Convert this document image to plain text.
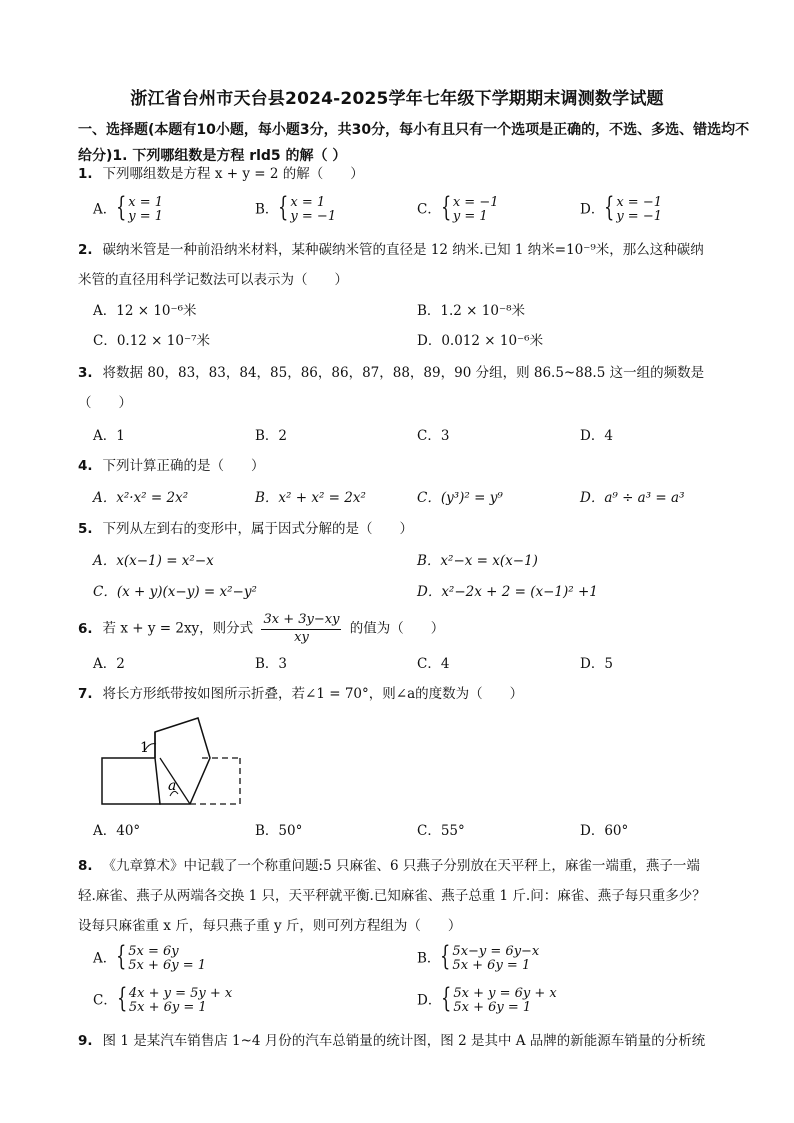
浙江省台州市天台县2024-2025学年七年级下学期期末调测数学试题
一、选择题(本题有10小题，每小题3分，共30分，每小有且只有一个选项是正确的，不选、多选、错选均不给分)1. 下列哪组数是方程 rld5 的解（ ）
1. 下列哪组数是方程 x + y = 2 的解（　　）
A． { x = 1
y = 1	B． { x = 1
y = −1	C． { x = −1
y = 1	D． { x = −1
y = −1
2. 碳纳米管是一种前沿纳米材料，某种碳纳米管的直径是 12 纳米.已知 1 纳米=10⁻⁹米，那么这种碳纳
米管的直径用科学记数法可以表示为（　　）
A．12 × 10⁻⁶米	B．1.2 × 10⁻⁸米
C．0.12 × 10⁻⁷米	D．0.012 × 10⁻⁶米
3. 将数据 80，83，83，84，85，86，86，87，88，89，90 分组，则 86.5~88.5 这一组的频数是
（　　）
A．1	B．2	C．3	D．4
4. 下列计算正确的是（　　）
A．x²·x² = 2x²	B．x² + x² = 2x²	C．(y³)² = y⁹	D．a⁹ ÷ a³ = a³
5. 下列从左到右的变形中，属于因式分解的是（　　）
A．x(x−1) = x²−x	B．x²−x = x(x−1)
C．(x + y)(x−y) = x²−y²	D．x²−2x + 2 = (x−1)² +1
6. 若 x + y = 2xy，则分式 $\frac{3x + 3y-xy}{xy}$ 的值为（　　）
A．2	B．3	C．4	D．5
7. 将长方形纸带按如图所示折叠，若∠1 = 70°，则∠a的度数为（　　）
1
a
A．40°	B．50°	C．55°	D．60°
8. 《九章算术》中记载了一个称重问题:5 只麻雀、6 只燕子分别放在天平秤上，麻雀一端重，燕子一端
轻.麻雀、燕子从两端各交换 1 只，天平秤就平衡.已知麻雀、燕子总重 1 斤.问：麻雀、燕子每只重多少？
设每只麻雀重 x 斤，每只燕子重 y 斤，则可列方程组为（　　）
A． { 5x = 6y
5x + 6y = 1	B． { 5x−y = 6y−x
5x + 6y = 1
C． { 4x + y = 5y + x
5x + 6y = 1	D． { 5x + y = 6y + x
5x + 6y = 1
9. 图 1 是某汽车销售店 1~4 月份的汽车总销量的统计图，图 2 是其中 A 品牌的新能源车销量的分析统
